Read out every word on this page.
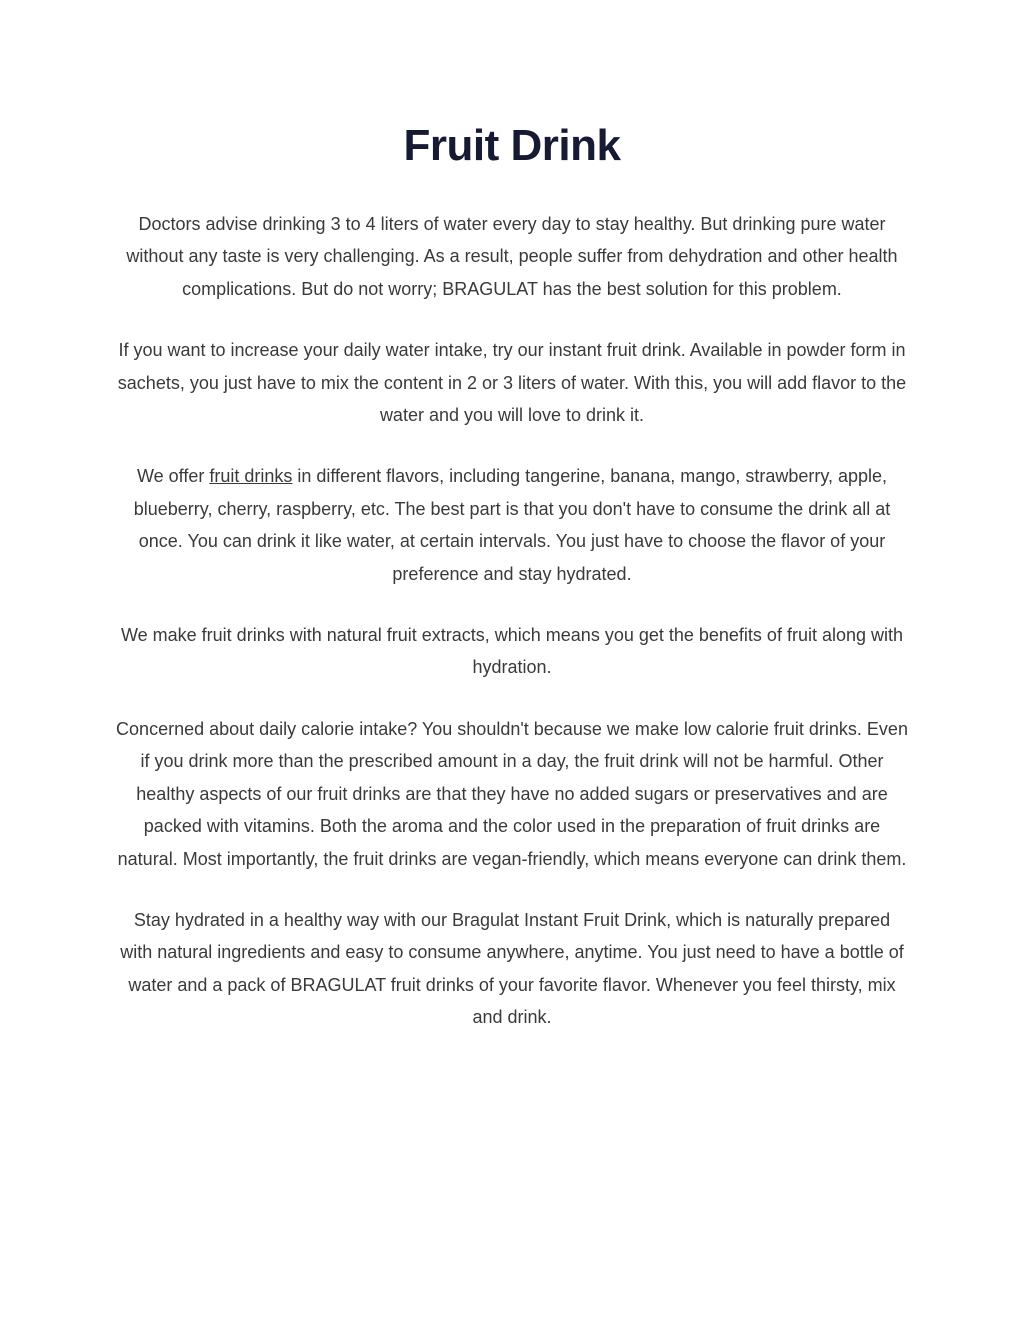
Fruit Drink

Doctors advise drinking 3 to 4 liters of water every day to stay healthy. But drinking pure water without any taste is very challenging. As a result, people suffer from dehydration and other health complications. But do not worry; BRAGULAT has the best solution for this problem.

If you want to increase your daily water intake, try our instant fruit drink. Available in powder form in sachets, you just have to mix the content in 2 or 3 liters of water. With this, you will add flavor to the water and you will love to drink it.

We offer fruit drinks in different flavors, including tangerine, banana, mango, strawberry, apple, blueberry, cherry, raspberry, etc. The best part is that you don't have to consume the drink all at once. You can drink it like water, at certain intervals. You just have to choose the flavor of your preference and stay hydrated.

We make fruit drinks with natural fruit extracts, which means you get the benefits of fruit along with hydration.

Concerned about daily calorie intake? You shouldn't because we make low calorie fruit drinks. Even if you drink more than the prescribed amount in a day, the fruit drink will not be harmful. Other healthy aspects of our fruit drinks are that they have no added sugars or preservatives and are packed with vitamins. Both the aroma and the color used in the preparation of fruit drinks are natural. Most importantly, the fruit drinks are vegan-friendly, which means everyone can drink them.

Stay hydrated in a healthy way with our Bragulat Instant Fruit Drink, which is naturally prepared with natural ingredients and easy to consume anywhere, anytime. You just need to have a bottle of water and a pack of BRAGULAT fruit drinks of your favorite flavor. Whenever you feel thirsty, mix and drink.
